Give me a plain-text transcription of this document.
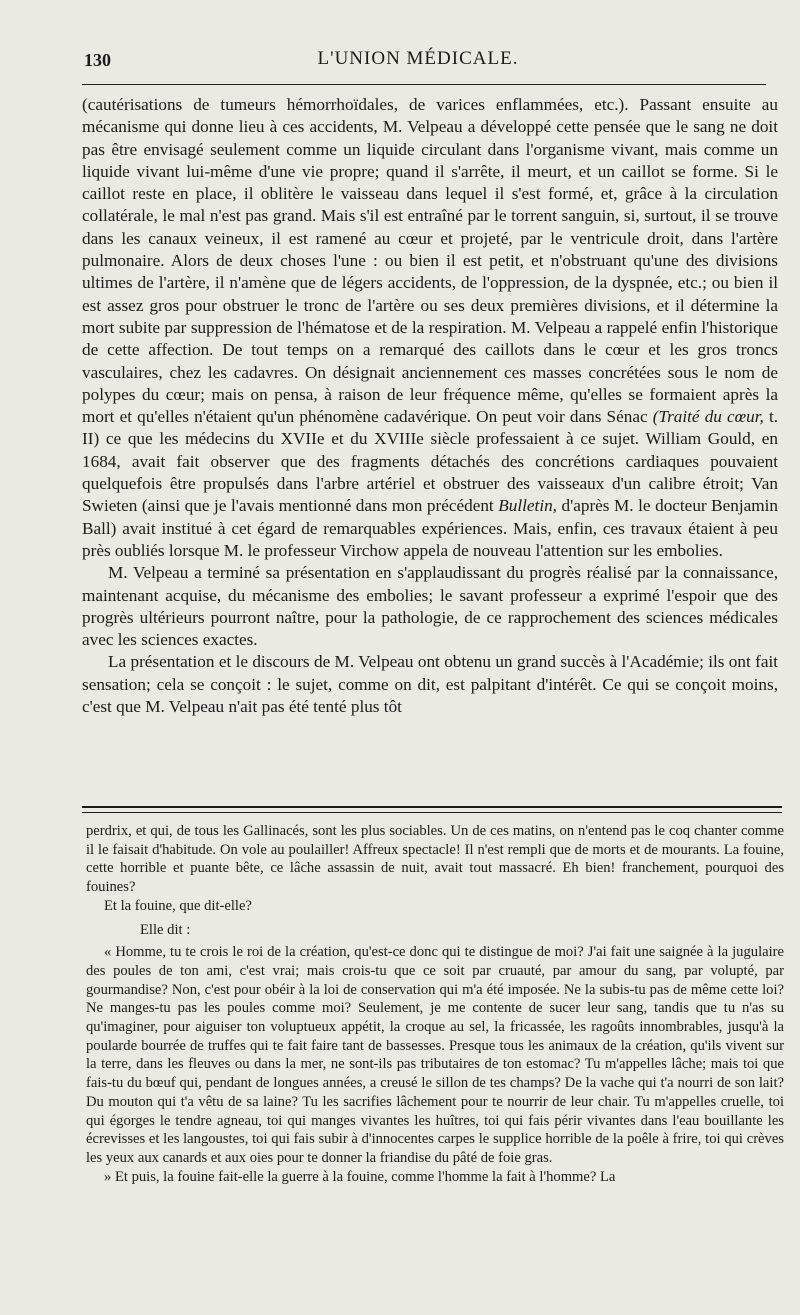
130	L'UNION MÉDICALE.

(cautérisations de tumeurs hémorrhoïdales, de varices enflammées, etc.). Passant ensuite au mécanisme qui donne lieu à ces accidents, M. Velpeau a développé cette pensée que le sang ne doit pas être envisagé seulement comme un liquide circulant dans l'organisme vivant, mais comme un liquide vivant lui-même d'une vie propre; quand il s'arrête, il meurt, et un caillot se forme. Si le caillot reste en place, il oblitère le vaisseau dans lequel il s'est formé, et, grâce à la circulation collatérale, le mal n'est pas grand. Mais s'il est entraîné par le torrent sanguin, si, surtout, il se trouve dans les canaux veineux, il est ramené au cœur et projeté, par le ventricule droit, dans l'artère pulmonaire. Alors de deux choses l'une : ou bien il est petit, et n'obstruant qu'une des divisions ultimes de l'artère, il n'amène que de légers accidents, de l'oppression, de la dyspnée, etc.; ou bien il est assez gros pour obstruer le tronc de l'artère ou ses deux premières divisions, et il détermine la mort subite par suppression de l'hématose et de la respiration. M. Velpeau a rappelé enfin l'historique de cette affection. De tout temps on a remarqué des caillots dans le cœur et les gros troncs vasculaires, chez les cadavres. On désignait anciennement ces masses concrétées sous le nom de polypes du cœur; mais on pensa, à raison de leur fréquence même, qu'elles se formaient après la mort et qu'elles n'étaient qu'un phénomène cadavérique. On peut voir dans Sénac (Traité du cœur, t. II) ce que les médecins du XVIIe et du XVIIIe siècle professaient à ce sujet. William Gould, en 1684, avait fait observer que des fragments détachés des concrétions cardiaques pouvaient quelquefois être propulsés dans l'arbre artériel et obstruer des vaisseaux d'un calibre étroit; Van Swieten (ainsi que je l'avais mentionné dans mon précédent Bulletin, d'après M. le docteur Benjamin Ball) avait institué à cet égard de remarquables expériences. Mais, enfin, ces travaux étaient à peu près oubliés lorsque M. le professeur Virchow appela de nouveau l'attention sur les embolies.

M. Velpeau a terminé sa présentation en s'applaudissant du progrès réalisé par la connaissance, maintenant acquise, du mécanisme des embolies; le savant professeur a exprimé l'espoir que des progrès ultérieurs pourront naître, pour la pathologie, de ce rapprochement des sciences médicales avec les sciences exactes.

La présentation et le discours de M. Velpeau ont obtenu un grand succès à l'Académie; ils ont fait sensation; cela se conçoit : le sujet, comme on dit, est palpitant d'intérêt. Ce qui se conçoit moins, c'est que M. Velpeau n'ait pas été tenté plus tôt

perdrix, et qui, de tous les Gallinacés, sont les plus sociables. Un de ces matins, on n'entend pas le coq chanter comme il le faisait d'habitude. On vole au poulailler! Affreux spectacle! Il n'est rempli que de morts et de mourants. La fouine, cette horrible et puante bête, ce lâche assassin de nuit, avait tout massacré. Eh bien! franchement, pourquoi des fouines?

Et la fouine, que dit-elle?

Elle dit :

« Homme, tu te crois le roi de la création, qu'est-ce donc qui te distingue de moi? J'ai fait une saignée à la jugulaire des poules de ton ami, c'est vrai; mais crois-tu que ce soit par cruauté, par amour du sang, par volupté, par gourmandise? Non, c'est pour obéir à la loi de conservation qui m'a été imposée. Ne la subis-tu pas de même cette loi? Ne manges-tu pas les poules comme moi? Seulement, je me contente de sucer leur sang, tandis que tu n'as su qu'imaginer, pour aiguiser ton voluptueux appétit, la croque au sel, la fricassée, les ragoûts innombrables, jusqu'à la poularde bourrée de truffes qui te fait faire tant de bassesses. Presque tous les animaux de la création, qu'ils vivent sur la terre, dans les fleuves ou dans la mer, ne sont-ils pas tributaires de ton estomac? Tu m'appelles lâche; mais toi que fais-tu du bœuf qui, pendant de longues années, a creusé le sillon de tes champs? De la vache qui t'a nourri de son lait? Du mouton qui t'a vêtu de sa laine? Tu les sacrifies lâchement pour te nourrir de leur chair. Tu m'appelles cruelle, toi qui égorges le tendre agneau, toi qui manges vivantes les huîtres, toi qui fais périr vivantes dans l'eau bouillante les écrevisses et les langoustes, toi qui fais subir à d'innocentes carpes le supplice horrible de la poêle à frire, toi qui crèves les yeux aux canards et aux oies pour te donner la friandise du pâté de foie gras.

» Et puis, la fouine fait-elle la guerre à la fouine, comme l'homme la fait à l'homme? La
